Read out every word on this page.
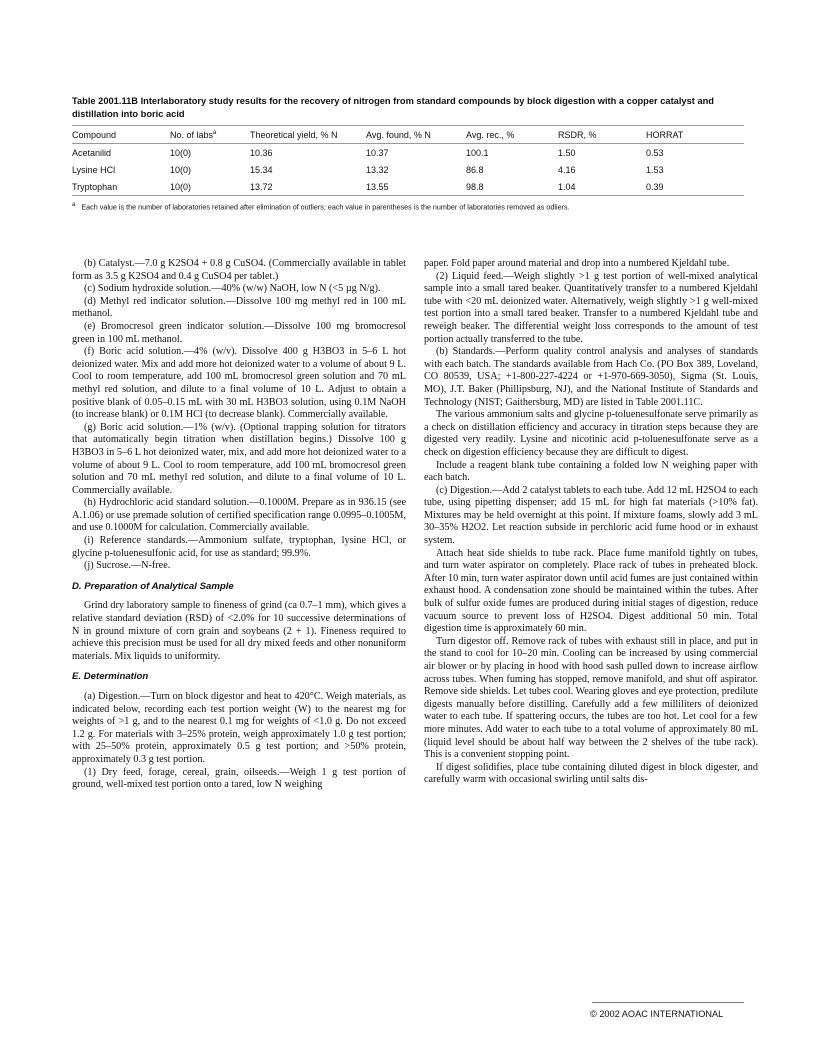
Table 2001.11B Interlaboratory study results for the recovery of nitrogen from standard compounds by block digestion with a copper catalyst and distillation into boric acid

Compound	No. of labs$^a$	Theoretical yield, % N	Avg. found, % N	Avg. rec., %	RSDR, %	HORRAT
Acetanilid	10(0)	10.36	10.37	100.1	1.50	0.53
Lysine HCl	10(0)	15.34	13.32	86.8	4.16	1.53
Tryptophan	10(0)	13.72	13.55	98.8	1.04	0.39
$^a$ Each value is the number of laboratories retained after elimination of outliers; each value in parentheses is the number of laboratories removed as odliers.

(b) Catalyst.—7.0 g K2SO4 + 0.8 g CuSO4. (Commercially available in tablet form as 3.5 g K2SO4 and 0.4 g CuSO4 per tablet.)

(c) Sodium hydroxide solution.—40% (w/w) NaOH, low N (<5 µg N/g).

(d) Methyl red indicator solution.—Dissolve 100 mg methyl red in 100 mL methanol.

(e) Bromocresol green indicator solution.—Dissolve 100 mg bromocresol green in 100 mL methanol.

(f) Boric acid solution.—4% (w/v). Dissolve 400 g H3BO3 in 5–6 L hot deionized water. Mix and add more hot deionized water to a volume of about 9 L. Cool to room temperature, add 100 mL bromocresol green solution and 70 mL methyl red solution, and dilute to a final volume of 10 L. Adjust to obtain a positive blank of 0.05–0.15 mL with 30 mL H3BO3 solution, using 0.1M NaOH (to increase blank) or 0.1M HCl (to decrease blank). Commercially available.

(g) Boric acid solution.—1% (w/v). (Optional trapping solution for titrators that automatically begin titration when distillation begins.) Dissolve 100 g H3BO3 in 5–6 L hot deionized water, mix, and add more hot deionized water to a volume of about 9 L. Cool to room temperature, add 100 mL bromocresol green solution and 70 mL methyl red solution, and dilute to a final volume of 10 L. Commercially available.

(h) Hydrochloric acid standard solution.—0.1000M. Prepare as in 936.15 (see A.1.06) or use premade solution of certified specification range 0.0995–0.1005M, and use 0.1000M for calculation. Commercially available.

(i) Reference standards.—Ammonium sulfate, tryptophan, lysine HCl, or glycine p-toluenesulfonic acid, for use as standard; 99.9%.

(j) Sucrose.—N-free.

D. Preparation of Analytical Sample

Grind dry laboratory sample to fineness of grind (ca 0.7–1 mm), which gives a relative standard deviation (RSD) of <2.0% for 10 successive determinations of N in ground mixture of corn grain and soybeans (2 + 1). Fineness required to achieve this precision must be used for all dry mixed feeds and other nonuniform materials. Mix liquids to uniformity.

E. Determination

(a) Digestion.—Turn on block digestor and heat to 420°C. Weigh materials, as indicated below, recording each test portion weight (W) to the nearest mg for weights of >1 g, and to the nearest 0.1 mg for weights of <1.0 g. Do not exceed 1.2 g. For materials with 3–25% protein, weigh approximately 1.0 g test portion; with 25–50% protein, approximately 0.5 g test portion; and >50% protein, approximately 0.3 g test portion.

(1) Dry feed, forage, cereal, grain, oilseeds.—Weigh 1 g test portion of ground, well-mixed test portion onto a tared, low N weighing

paper. Fold paper around material and drop into a numbered Kjeldahl tube.

(2) Liquid feed.—Weigh slightly >1 g test portion of well-mixed analytical sample into a small tared beaker. Quantitatively transfer to a numbered Kjeldahl tube with <20 mL deionized water. Alternatively, weigh slightly >1 g well-mixed test portion into a small tared beaker. Transfer to a numbered Kjeldahl tube and reweigh beaker. The differential weight loss corresponds to the amount of test portion actually transferred to the tube.

(b) Standards.—Perform quality control analysis and analyses of standards with each batch. The standards available from Hach Co. (PO Box 389, Loveland, CO 80539, USA; +1-800-227-4224 or +1-970-669-3050), Sigma (St. Louis, MO), J.T. Baker (Phillipsburg, NJ), and the National Institute of Standards and Technology (NIST; Gaithersburg, MD) are listed in Table 2001.11C.

The various ammonium salts and glycine p-toluenesulfonate serve primarily as a check on distillation efficiency and accuracy in titration steps because they are digested very readily. Lysine and nicotinic acid p-toluenesulfonate serve as a check on digestion efficiency because they are difficult to digest.

Include a reagent blank tube containing a folded low N weighing paper with each batch.

(c) Digestion.—Add 2 catalyst tablets to each tube. Add 12 mL H2SO4 to each tube, using pipetting dispenser; add 15 mL for high fat materials (>10% fat). Mixtures may be held overnight at this point. If mixture foams, slowly add 3 mL 30–35% H2O2. Let reaction subside in perchloric acid fume hood or in exhaust system.

Attach heat side shields to tube rack. Place fume manifold tightly on tubes, and turn water aspirator on completely. Place rack of tubes in preheated block. After 10 min, turn water aspirator down until acid fumes are just contained within exhaust hood. A condensation zone should be maintained within the tubes. After bulk of sulfur oxide fumes are produced during initial stages of digestion, reduce vacuum source to prevent loss of H2SO4. Digest additional 50 min. Total digestion time is approximately 60 min.

Turn digestor off. Remove rack of tubes with exhaust still in place, and put in the stand to cool for 10–20 min. Cooling can be increased by using commercial air blower or by placing in hood with hood sash pulled down to increase airflow across tubes. When fuming has stopped, remove manifold, and shut off aspirator. Remove side shields. Let tubes cool. Wearing gloves and eye protection, predilute digests manually before distilling. Carefully add a few milliliters of deionized water to each tube. If spattering occurs, the tubes are too hot. Let cool for a few more minutes. Add water to each tube to a total volume of approximately 80 mL (liquid level should be about half way between the 2 shelves of the tube rack). This is a convenient stopping point.

If digest solidifies, place tube containing diluted digest in block digester, and carefully warm with occasional swirling until salts dis-

© 2002 AOAC INTERNATIONAL
